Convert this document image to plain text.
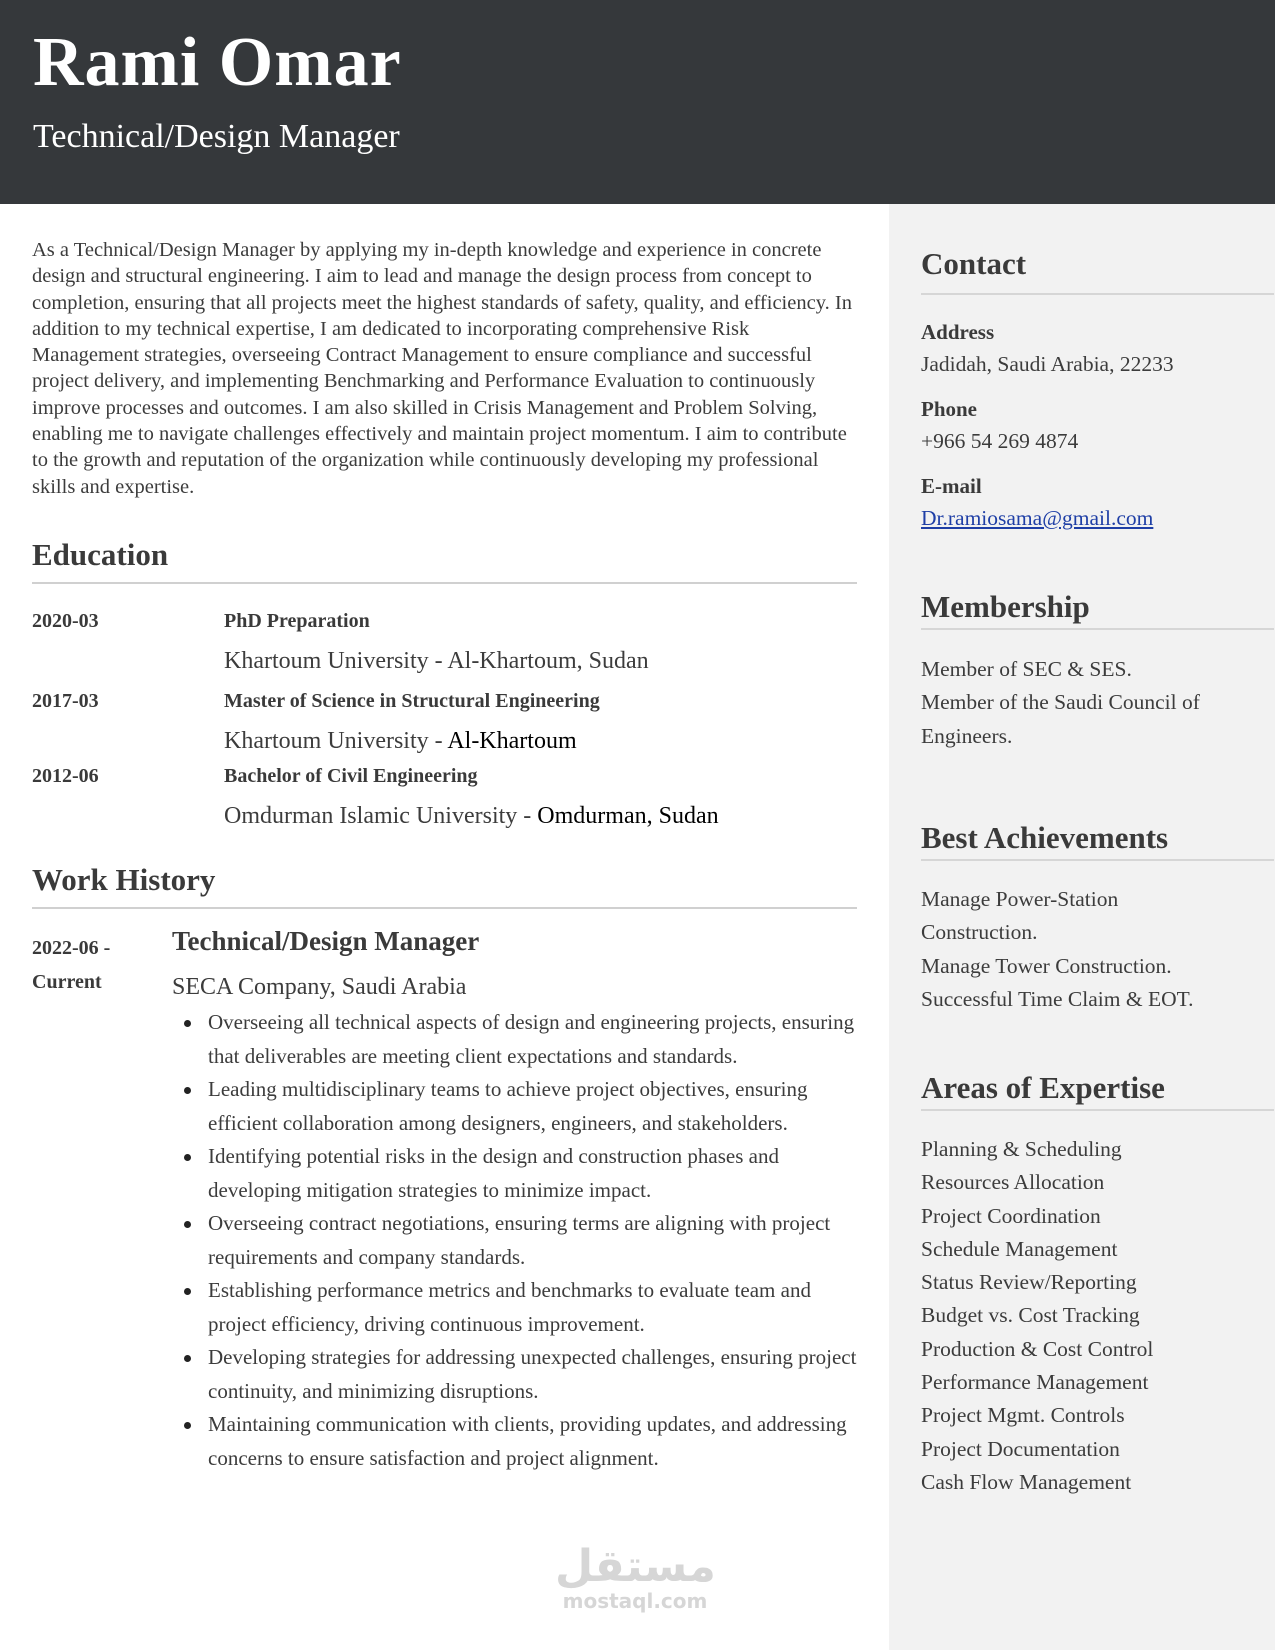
Rami Omar
Technical/Design Manager
Contact
Address
Jadidah, Saudi Arabia, 22233
Phone
+966 54 269 4874
E-mail
Dr.ramiosama@gmail.com
Membership
Member of SEC & SES.
Member of the Saudi Council of
Engineers.
Best Achievements
Manage Power-Station
Construction.
Manage Tower Construction.
Successful Time Claim & EOT.
Areas of Expertise
Planning & Scheduling
Resources Allocation
Project Coordination
Schedule Management
Status Review/Reporting
Budget vs. Cost Tracking
Production & Cost Control
Performance Management
Project Mgmt. Controls
Project Documentation
Cash Flow Management
As a Technical/Design Manager by applying my in-depth knowledge and experience in concrete design and structural engineering. I aim to lead and manage the design process from concept to completion, ensuring that all projects meet the highest standards of safety, quality, and efficiency. In addition to my technical expertise, I am dedicated to incorporating comprehensive Risk Management strategies, overseeing Contract Management to ensure compliance and successful project delivery, and implementing Benchmarking and Performance Evaluation to continuously improve processes and outcomes. I am also skilled in Crisis Management and Problem Solving, enabling me to navigate challenges effectively and maintain project momentum. I aim to contribute to the growth and reputation of the organization while continuously developing my professional skills and expertise.
Education
2020-03	PhD Preparation
Khartoum University - Al-Khartoum, Sudan
2017-03	Master of Science in Structural Engineering
Khartoum University - Al-Khartoum
2012-06	Bachelor of Civil Engineering
Omdurman Islamic University - Omdurman, Sudan
Work History
2022-06 -
Current
Technical/Design Manager
SECA Company, Saudi Arabia
Overseeing all technical aspects of design and engineering projects, ensuring that deliverables are meeting client expectations and standards.
Leading multidisciplinary teams to achieve project objectives, ensuring efficient collaboration among designers, engineers, and stakeholders.
Identifying potential risks in the design and construction phases and developing mitigation strategies to minimize impact.
Overseeing contract negotiations, ensuring terms are aligning with project requirements and company standards.
Establishing performance metrics and benchmarks to evaluate team and project efficiency, driving continuous improvement.
Developing strategies for addressing unexpected challenges, ensuring project continuity, and minimizing disruptions.
Maintaining communication with clients, providing updates, and addressing concerns to ensure satisfaction and project alignment.
مستقل
mostaql.com
